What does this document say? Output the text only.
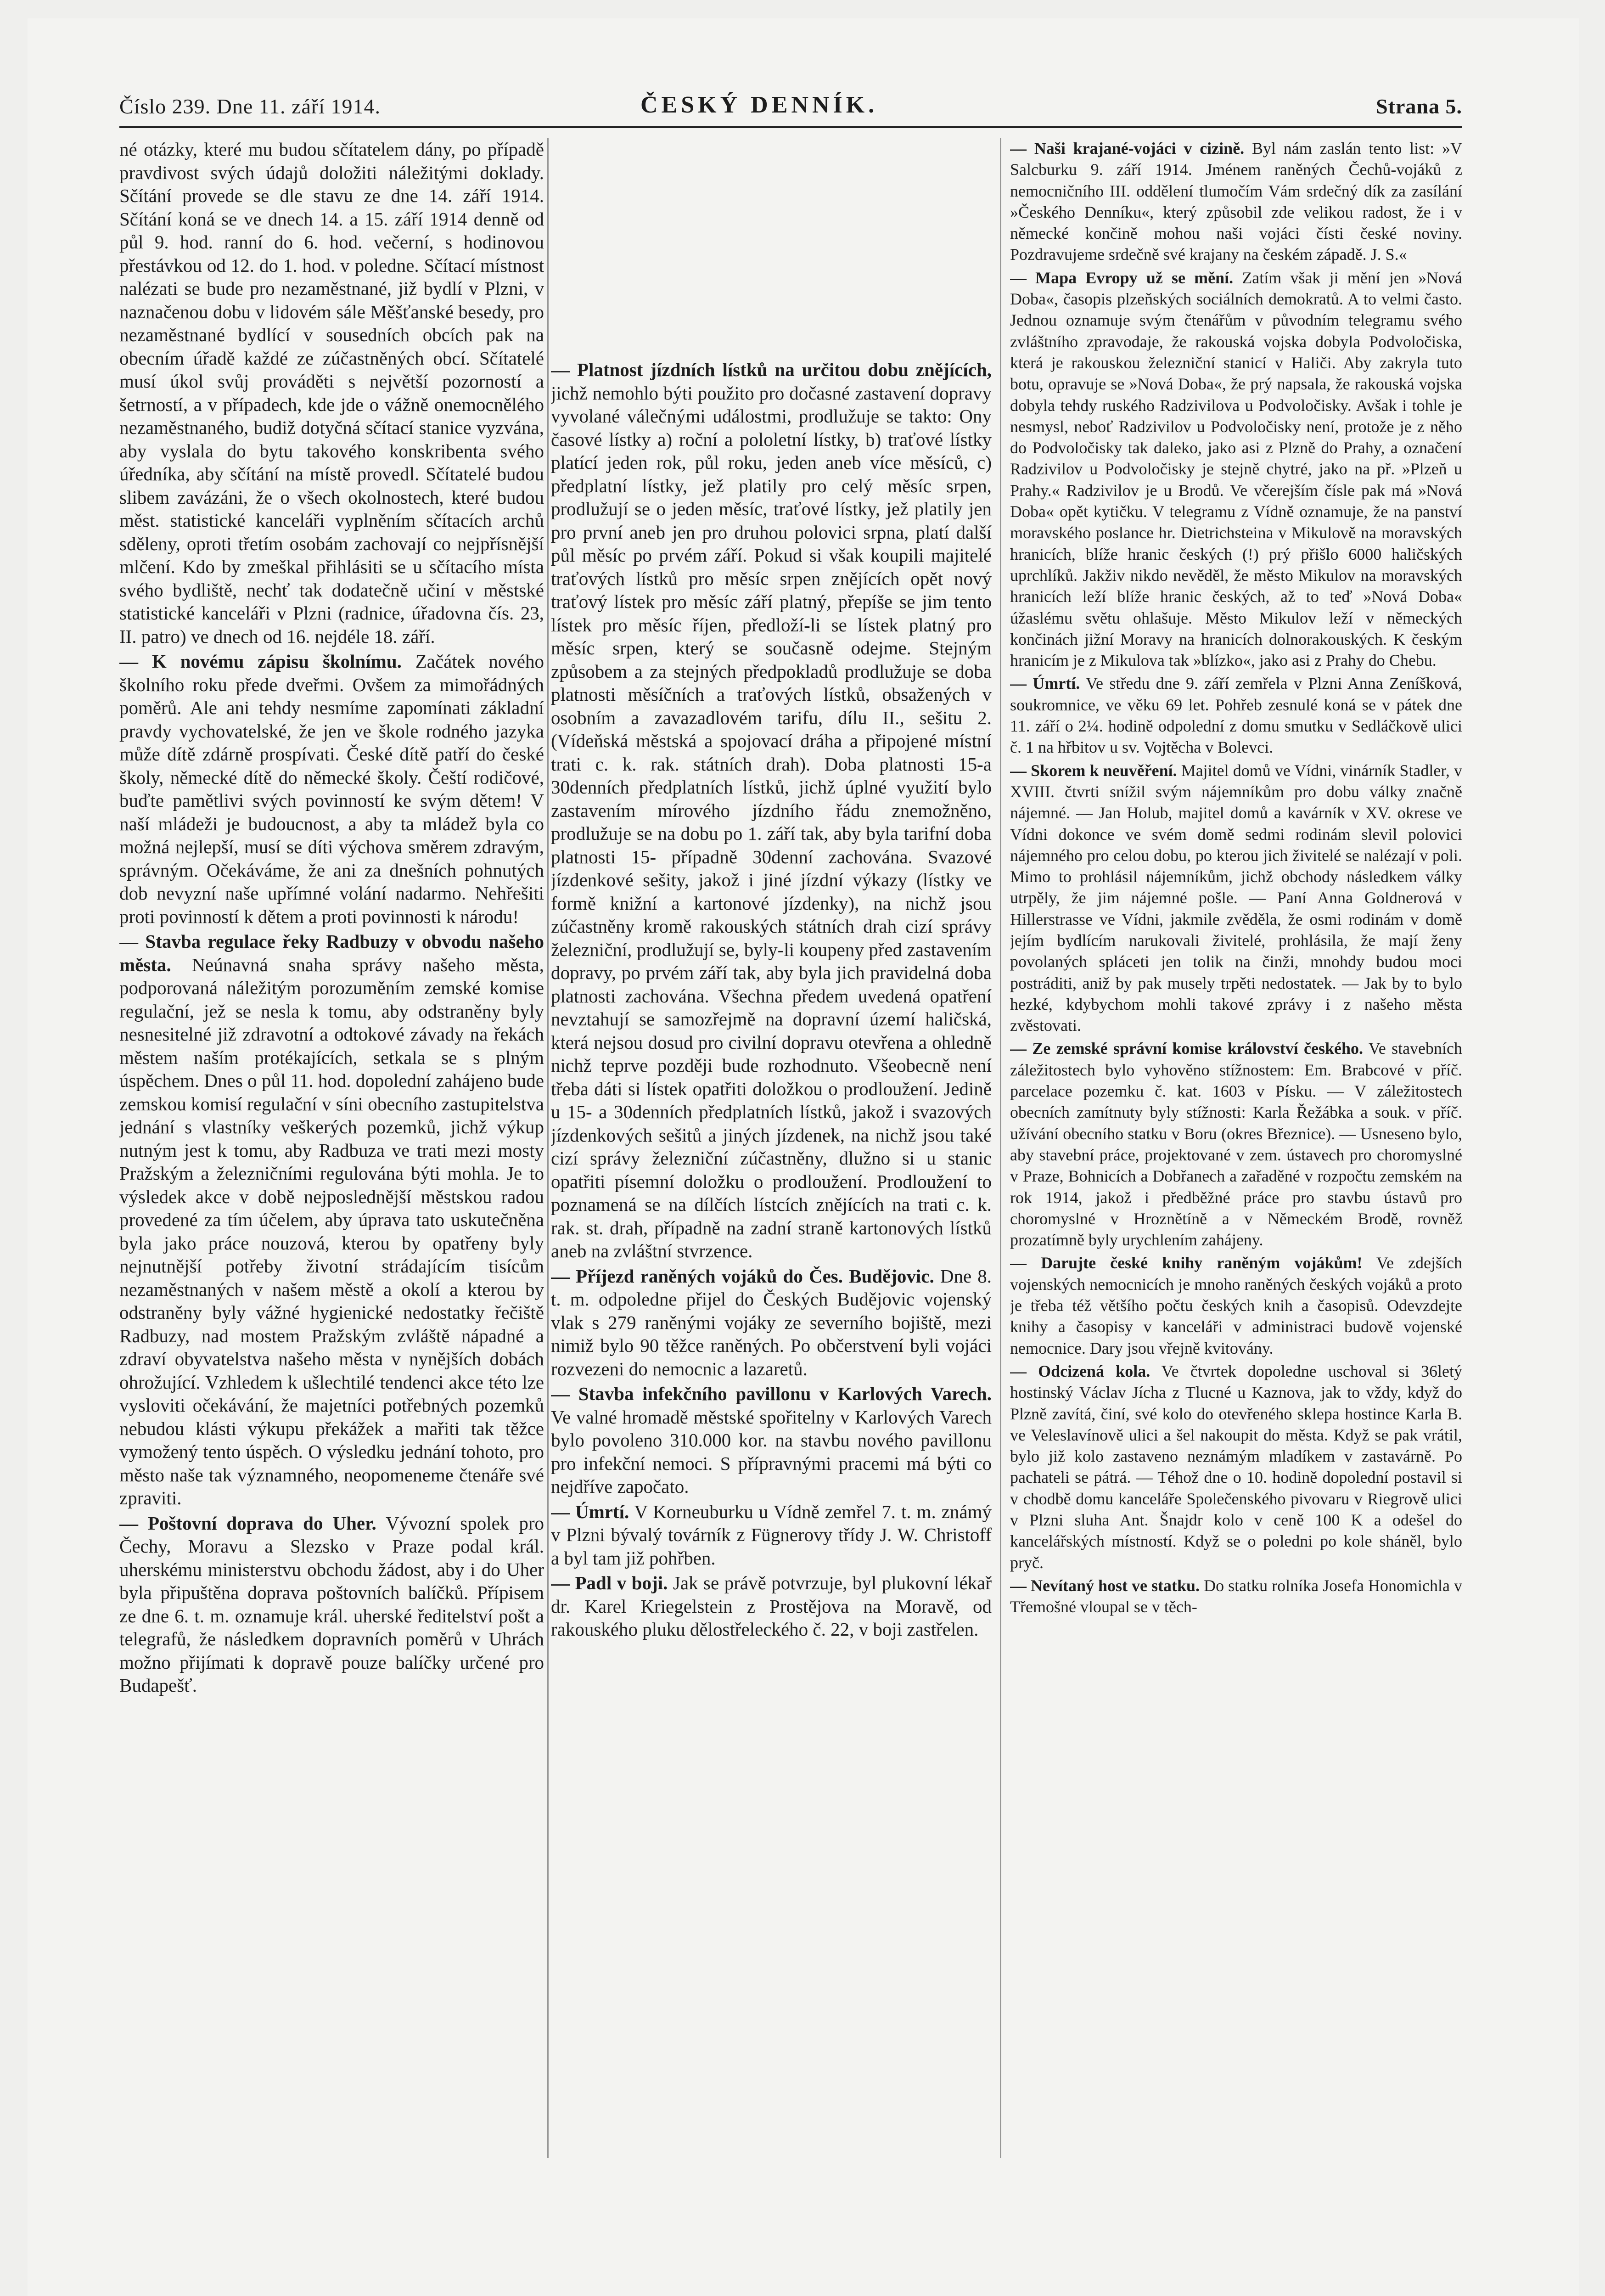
Číslo 239. Dne 11. září 1914.	ČESKÝ DENNÍK.	Strana 5.

né otázky, které mu budou sčítatelem dány, po případě pravdivost svých údajů doložiti náležitými doklady. Sčítání provede se dle stavu ze dne 14. září 1914. Sčítání koná se ve dnech 14. a 15. září 1914 denně od půl 9. hod. ranní do 6. hod. večerní, s hodinovou přestávkou od 12. do 1. hod. v poledne. Sčítací místnost nalézati se bude pro nezaměstnané, již bydlí v Plzni, v naznačenou dobu v lidovém sále Měšťanské besedy, pro nezaměstnané bydlící v sousedních obcích pak na obecním úřadě každé ze zúčastněných obcí. Sčítatelé musí úkol svůj prováděti s největší pozorností a šetrností, a v případech, kde jde o vážně onemocnělého nezaměstnaného, budiž dotyčná sčítací stanice vyzvána, aby vyslala do bytu takového konskribenta svého úředníka, aby sčítání na místě provedl. Sčítatelé budou slibem zavázáni, že o všech okolnostech, které budou měst. statistické kanceláři vyplněním sčítacích archů sděleny, oproti třetím osobám zachovají co nejpřísnější mlčení. Kdo by zmeškal přihlásiti se u sčítacího místa svého bydliště, nechť tak dodatečně učiní v městské statistické kanceláři v Plzni (radnice, úřadovna čís. 23, II. patro) ve dnech od 16. nejdéle 18. září.

— K novému zápisu školnímu. Začátek nového školního roku přede dveřmi. Ovšem za mimořádných poměrů. Ale ani tehdy nesmíme zapomínati základní pravdy vychovatelské, že jen ve škole rodného jazyka může dítě zdárně prospívati. České dítě patří do české školy, německé dítě do německé školy. Čeští rodičové, buďte pamětlivi svých povinností ke svým dětem! V naší mládeži je budoucnost, a aby ta mládež byla co možná nejlepší, musí se díti výchova směrem zdravým, správným. Očekáváme, že ani za dnešních pohnutých dob nevyzní naše upřímné volání nadarmo. Nehřešiti proti povinností k dětem a proti povinnosti k národu!

— Stavba regulace řeky Radbuzy v obvodu našeho města. Neúnavná snaha správy našeho města, podporovaná náležitým porozuměním zemské komise regulační, jež se nesla k tomu, aby odstraněny byly nesnesitelné již zdravotní a odtokové závady na řekách městem naším protékajících, setkala se s plným úspěchem. Dnes o půl 11. hod. dopolední zahájeno bude zemskou komisí regulační v síni obecního zastupitelstva jednání s vlastníky veškerých pozemků, jichž výkup nutným jest k tomu, aby Radbuza ve trati mezi mosty Pražským a železničními regulována býti mohla. Je to výsledek akce v době nejposlednější městskou radou provedené za tím účelem, aby úprava tato uskutečněna byla jako práce nouzová, kterou by opatřeny byly nejnutnější potřeby životní strádajícím tisícům nezaměstnaných v našem městě a okolí a kterou by odstraněny byly vážné hygienické nedostatky řečiště Radbuzy, nad mostem Pražským zvláště nápadné a zdraví obyvatelstva našeho města v nynějších dobách ohrožující. Vzhledem k ušlechtilé tendenci akce této lze vysloviti očekávání, že majetníci potřebných pozemků nebudou klásti výkupu překážek a mařiti tak těžce vymožený tento úspěch. O výsledku jednání tohoto, pro město naše tak významného, neopomeneme čtenáře své zpraviti.

— Poštovní doprava do Uher. Vývozní spolek pro Čechy, Moravu a Slezsko v Praze podal král. uherskému ministerstvu obchodu žádost, aby i do Uher byla připuštěna doprava poštovních balíčků. Přípisem ze dne 6. t. m. oznamuje král. uherské ředitelství pošt a telegrafů, že následkem dopravních poměrů v Uhrách možno přijímati k dopravě pouze balíčky určené pro Budapešť.

— Platnost jízdních lístků na určitou dobu znějících, jichž nemohlo býti použito pro dočasné zastavení dopravy vyvolané válečnými událostmi, prodlužuje se takto: Ony časové lístky a) roční a pololetní lístky, b) traťové lístky platící jeden rok, půl roku, jeden aneb více měsíců, c) předplatní lístky, jež platily pro celý měsíc srpen, prodlužují se o jeden měsíc, traťové lístky, jež platily jen pro první aneb jen pro druhou polovici srpna, platí další půl měsíc po prvém září. Pokud si však koupili majitelé traťových lístků pro měsíc srpen znějících opět nový traťový lístek pro měsíc září platný, přepíše se jim tento lístek pro měsíc říjen, předloží-li se lístek platný pro měsíc srpen, který se současně odejme. Stejným způsobem a za stejných předpokladů prodlužuje se doba platnosti měsíčních a traťových lístků, obsažených v osobním a zavazadlovém tarifu, dílu II., sešitu 2. (Vídeňská městská a spojovací dráha a připojené místní trati c. k. rak. státních drah). Doba platnosti 15-a 30denních předplatních lístků, jichž úplné využití bylo zastavením mírového jízdního řádu znemožněno, prodlužuje se na dobu po 1. září tak, aby byla tarifní doba platnosti 15- případně 30denní zachována. Svazové jízdenkové sešity, jakož i jiné jízdní výkazy (lístky ve formě knižní a kartonové jízdenky), na nichž jsou zúčastněny kromě rakouských státních drah cizí správy železniční, prodlužují se, byly-li koupeny před zastavením dopravy, po prvém září tak, aby byla jich pravidelná doba platnosti zachována. Všechna předem uvedená opatření nevztahují se samozřejmě na dopravní území haličská, která nejsou dosud pro civilní dopravu otevřena a ohledně nichž teprve později bude rozhodnuto. Všeobecně není třeba dáti si lístek opatřiti doložkou o prodloužení. Jedině u 15- a 30denních předplatních lístků, jakož i svazových jízdenkových sešitů a jiných jízdenek, na nichž jsou také cizí správy železniční zúčastněny, dlužno si u stanic opatřiti písemní doložku o prodloužení. Prodloužení to poznamená se na dílčích lístcích znějících na trati c. k. rak. st. drah, případně na zadní straně kartonových lístků aneb na zvláštní stvrzence.

— Příjezd raněných vojáků do Čes. Budějovic. Dne 8. t. m. odpoledne přijel do Českých Budějovic vojenský vlak s 279 raněnými vojáky ze severního bojiště, mezi nimiž bylo 90 těžce raněných. Po občerstvení byli vojáci rozvezeni do nemocnic a lazaretů.

— Stavba infekčního pavillonu v Karlových Varech. Ve valné hromadě městské spořitelny v Karlových Varech bylo povoleno 310.000 kor. na stavbu nového pavillonu pro infekční nemoci. S přípravnými pracemi má býti co nejdříve započato.

— Úmrtí. V Korneuburku u Vídně zemřel 7. t. m. známý v Plzni bývalý továrník z Fügnerovy třídy J. W. Christoff a byl tam již pohřben.

— Padl v boji. Jak se právě potvrzuje, byl plukovní lékař dr. Karel Kriegelstein z Prostějova na Moravě, od rakouského pluku dělostřeleckého č. 22, v boji zastřelen.

— Naši krajané-vojáci v cizině. Byl nám zaslán tento list: »V Salcburku 9. září 1914. Jménem raněných Čechů-vojáků z nemocničního III. oddělení tlumočím Vám srdečný dík za zasílání »Českého Denníku«, který způsobil zde velikou radost, že i v německé končině mohou naši vojáci čísti české noviny. Pozdravujeme srdečně své krajany na českém západě. J. S.«

— Mapa Evropy už se mění. Zatím však ji mění jen »Nová Doba«, časopis plzeňských sociálních demokratů. A to velmi často. Jednou oznamuje svým čtenářům v původním telegramu svého zvláštního zpravodaje, že rakouská vojska dobyla Podvoločiska, která je rakouskou železniční stanicí v Haliči. Aby zakryla tuto botu, opravuje se »Nová Doba«, že prý napsala, že rakouská vojska dobyla tehdy ruského Radzivilova u Podvoločisky. Avšak i tohle je nesmysl, neboť Radzivilov u Podvoločisky není, protože je z něho do Podvoločisky tak daleko, jako asi z Plzně do Prahy, a označení Radzivilov u Podvoločisky je stejně chytré, jako na př. »Plzeň u Prahy.« Radzivilov je u Brodů. Ve včerejším čísle pak má »Nová Doba« opět kytičku. V telegramu z Vídně oznamuje, že na panství moravského poslance hr. Dietrichsteina v Mikulově na moravských hranicích, blíže hranic českých (!) prý přišlo 6000 haličských uprchlíků. Jakživ nikdo nevěděl, že město Mikulov na moravských hranicích leží blíže hranic českých, až to teď »Nová Doba« úžaslému světu ohlašuje. Město Mikulov leží v německých končinách jižní Moravy na hranicích dolnorakouských. K českým hranicím je z Mikulova tak »blízko«, jako asi z Prahy do Chebu.

— Úmrtí. Ve středu dne 9. září zemřela v Plzni Anna Zeníšková, soukromnice, ve věku 69 let. Pohřeb zesnulé koná se v pátek dne 11. září o 2¼. hodině odpolední z domu smutku v Sedláčkově ulici č. 1 na hřbitov u sv. Vojtěcha v Bolevci.

— Skorem k neuvěření. Majitel domů ve Vídni, vinárník Stadler, v XVIII. čtvrti snížil svým nájemníkům pro dobu války značně nájemné. — Jan Holub, majitel domů a kavárník v XV. okrese ve Vídni dokonce ve svém domě sedmi rodinám slevil polovici nájemného pro celou dobu, po kterou jich živitelé se nalézají v poli. Mimo to prohlásil nájemníkům, jichž obchody následkem války utrpěly, že jim nájemné pošle. — Paní Anna Goldnerová v Hillerstrasse ve Vídni, jakmile zvěděla, že osmi rodinám v domě jejím bydlícím narukovali živitelé, prohlásila, že mají ženy povolaných spláceti jen tolik na činži, mnohdy budou moci postráditi, aniž by pak musely trpěti nedostatek. — Jak by to bylo hezké, kdybychom mohli takové zprávy i z našeho města zvěstovati.

— Ze zemské správní komise království českého. Ve stavebních záležitostech bylo vyhověno stížnostem: Em. Brabcové v příč. parcelace pozemku č. kat. 1603 v Písku. — V záležitostech obecních zamítnuty byly stížnosti: Karla Řežábka a souk. v příč. užívání obecního statku v Boru (okres Březnice). — Usneseno bylo, aby stavební práce, projektované v zem. ústavech pro choromyslné v Praze, Bohnicích a Dobřanech a zařaděné v rozpočtu zemském na rok 1914, jakož i předběžné práce pro stavbu ústavů pro choromyslné v Hroznětíně a v Německém Brodě, rovněž prozatímně byly urychlením zahájeny.

— Darujte české knihy raněným vojákům! Ve zdejších vojenských nemocnicích je mnoho raněných českých vojáků a proto je třeba též většího počtu českých knih a časopisů. Odevzdejte knihy a časopisy v kanceláři v administraci budově vojenské nemocnice. Dary jsou vřejně kvitovány.

— Odcizená kola. Ve čtvrtek dopoledne uschoval si 36letý hostinský Václav Jícha z Tlucné u Kaznova, jak to vždy, když do Plzně zavítá, činí, své kolo do otevřeného sklepa hostince Karla B. ve Veleslavínově ulici a šel nakoupit do města. Když se pak vrátil, bylo již kolo zastaveno neznámým mladíkem v zastavárně. Po pachateli se pátrá. — Téhož dne o 10. hodině dopolední postavil si v chodbě domu kanceláře Společenského pivovaru v Riegrově ulici v Plzni sluha Ant. Šnajdr kolo v ceně 100 K a odešel do kancelářských místností. Když se o poledni po kole sháněl, bylo pryč.

— Nevítaný host ve statku. Do statku rolníka Josefa Honomichla v Třemošné vloupal se v těch-
